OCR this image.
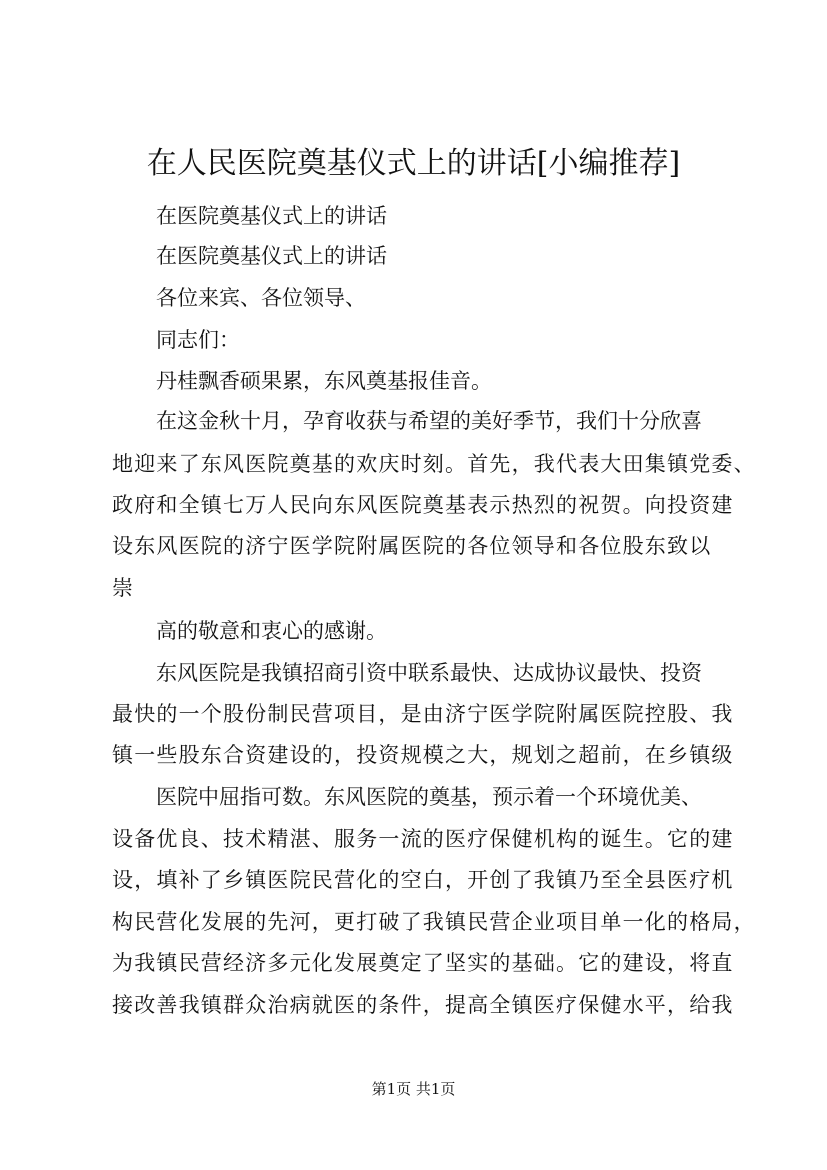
在人民医院奠基仪式上的讲话[小编推荐]
在医院奠基仪式上的讲话
在医院奠基仪式上的讲话
各位来宾、各位领导、
同志们：
丹桂飘香硕果累，东风奠基报佳音。
在这金秋十月，孕育收获与希望的美好季节，我们十分欣喜
地迎来了东风医院奠基的欢庆时刻。首先，我代表大田集镇党委、
政府和全镇七万人民向东风医院奠基表示热烈的祝贺。向投资建
设东风医院的济宁医学院附属医院的各位领导和各位股东致以
崇
高的敬意和衷心的感谢。
东风医院是我镇招商引资中联系最快、达成协议最快、投资
最快的一个股份制民营项目，是由济宁医学院附属医院控股、我
镇一些股东合资建设的，投资规模之大，规划之超前，在乡镇级
医院中屈指可数。东风医院的奠基，预示着一个环境优美、
设备优良、技术精湛、服务一流的医疗保健机构的诞生。它的建
设，填补了乡镇医院民营化的空白，开创了我镇乃至全县医疗机
构民营化发展的先河，更打破了我镇民营企业项目单一化的格局，
为我镇民营经济多元化发展奠定了坚实的基础。它的建设，将直
接改善我镇群众治病就医的条件，提高全镇医疗保健水平，给我
第1页 共1页
